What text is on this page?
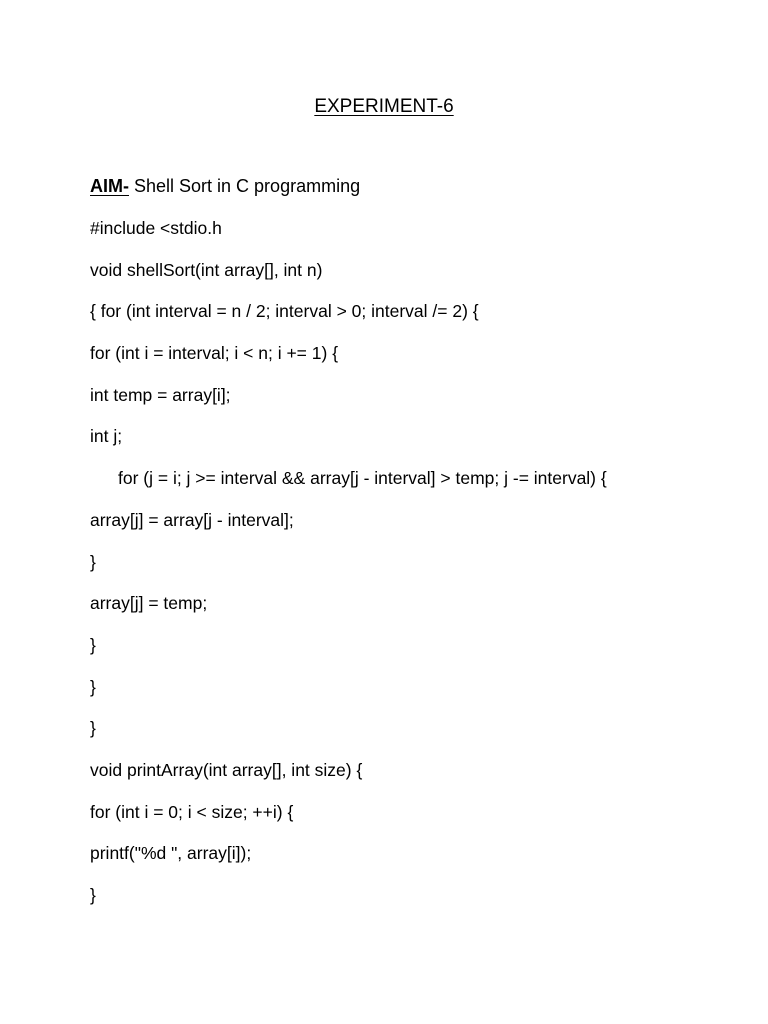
EXPERIMENT-6
AIM- Shell Sort in C programming
#include <stdio.h
void shellSort(int array[], int n)
{ for (int interval = n / 2; interval > 0; interval /= 2) {
for (int i = interval; i < n; i += 1) {
int temp = array[i];
int j;
for (j = i; j >= interval && array[j - interval] > temp; j -= interval) {
array[j] = array[j - interval];
}
array[j] = temp;
}
}
}
void printArray(int array[], int size) {
for (int i = 0; i < size; ++i) {
printf("%d ", array[i]);
}
